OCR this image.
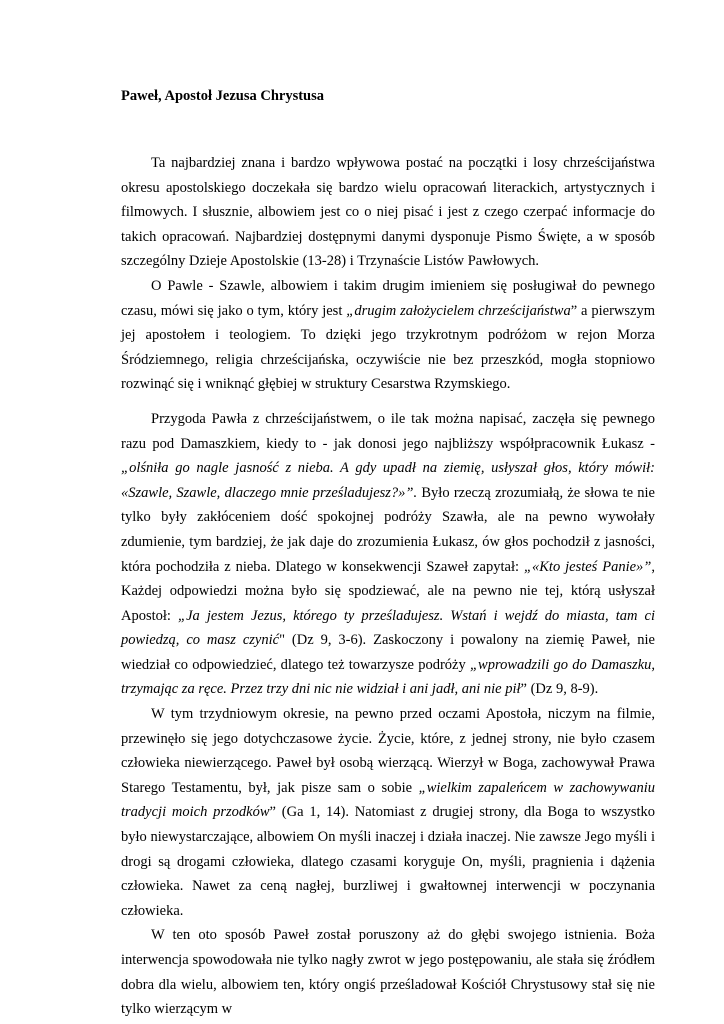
Paweł, Apostoł Jezusa Chrystusa

Ta najbardziej znana i bardzo wpływowa postać na początki i losy chrześcijaństwa okresu apostolskiego doczekała się bardzo wielu opracowań literackich, artystycznych i filmowych. I słusznie, albowiem jest co o niej pisać i jest z czego czerpać informacje do takich opracowań. Najbardziej dostępnymi danymi dysponuje Pismo Święte, a w sposób szczególny Dzieje Apostolskie (13-28) i Trzynaście Listów Pawłowych.

O Pawle - Szawle, albowiem i takim drugim imieniem się posługiwał do pewnego czasu, mówi się jako o tym, który jest „drugim założycielem chrześcijaństwa” a pierwszym jej apostołem i teologiem. To dzięki jego trzykrotnym podróżom w rejon Morza Śródziemnego, religia chrześcijańska, oczywiście nie bez przeszkód, mogła stopniowo rozwinąć się i wniknąć głębiej w struktury Cesarstwa Rzymskiego.

Przygoda Pawła z chrześcijaństwem, o ile tak można napisać, zaczęła się pewnego razu pod Damaszkiem, kiedy to - jak donosi jego najbliższy współpracownik Łukasz - „olśniła go nagle jasność z nieba. A gdy upadł na ziemię, usłyszał głos, który mówił: «Szawle, Szawle, dlaczego mnie prześladujesz?»”. Było rzeczą zrozumiałą, że słowa te nie tylko były zakłóceniem dość spokojnej podróży Szawła, ale na pewno wywołały zdumienie, tym bardziej, że jak daje do zrozumienia Łukasz, ów głos pochodził z jasności, która pochodziła z nieba. Dlatego w konsekwencji Szaweł zapytał: „«Kto jesteś Panie»”, Każdej odpowiedzi można było się spodziewać, ale na pewno nie tej, którą usłyszał Apostoł: „Ja jestem Jezus, którego ty prześladujesz. Wstań i wejdź do miasta, tam ci powiedzą, co masz czynić" (Dz 9, 3-6). Zaskoczony i powalony na ziemię Paweł, nie wiedział co odpowiedzieć, dlatego też towarzysze podróży „wprowadzili go do Damaszku, trzymając za ręce. Przez trzy dni nic nie widział i ani jadł, ani nie pił” (Dz 9, 8-9).

W tym trzydniowym okresie, na pewno przed oczami Apostoła, niczym na filmie, przewinęło się jego dotychczasowe życie. Życie, które, z jednej strony, nie było czasem człowieka niewierzącego. Paweł był osobą wierzącą. Wierzył w Boga, zachowywał Prawa Starego Testamentu, był, jak pisze sam o sobie „wielkim zapaleńcem w zachowywaniu tradycji moich przodków” (Ga 1, 14). Natomiast z drugiej strony, dla Boga to wszystko było niewystarczające, albowiem On myśli inaczej i działa inaczej. Nie zawsze Jego myśli i drogi są drogami człowieka, dlatego czasami koryguje On, myśli, pragnienia i dążenia człowieka. Nawet za ceną nagłej, burzliwej i gwałtownej interwencji w poczynania człowieka.

W ten oto sposób Paweł został poruszony aż do głębi swojego istnienia. Boża interwencja spowodowała nie tylko nagły zwrot w jego postępowaniu, ale stała się źródłem dobra dla wielu, albowiem ten, który ongiś prześladował Kościół Chrystusowy stał się nie tylko wierzącym w
